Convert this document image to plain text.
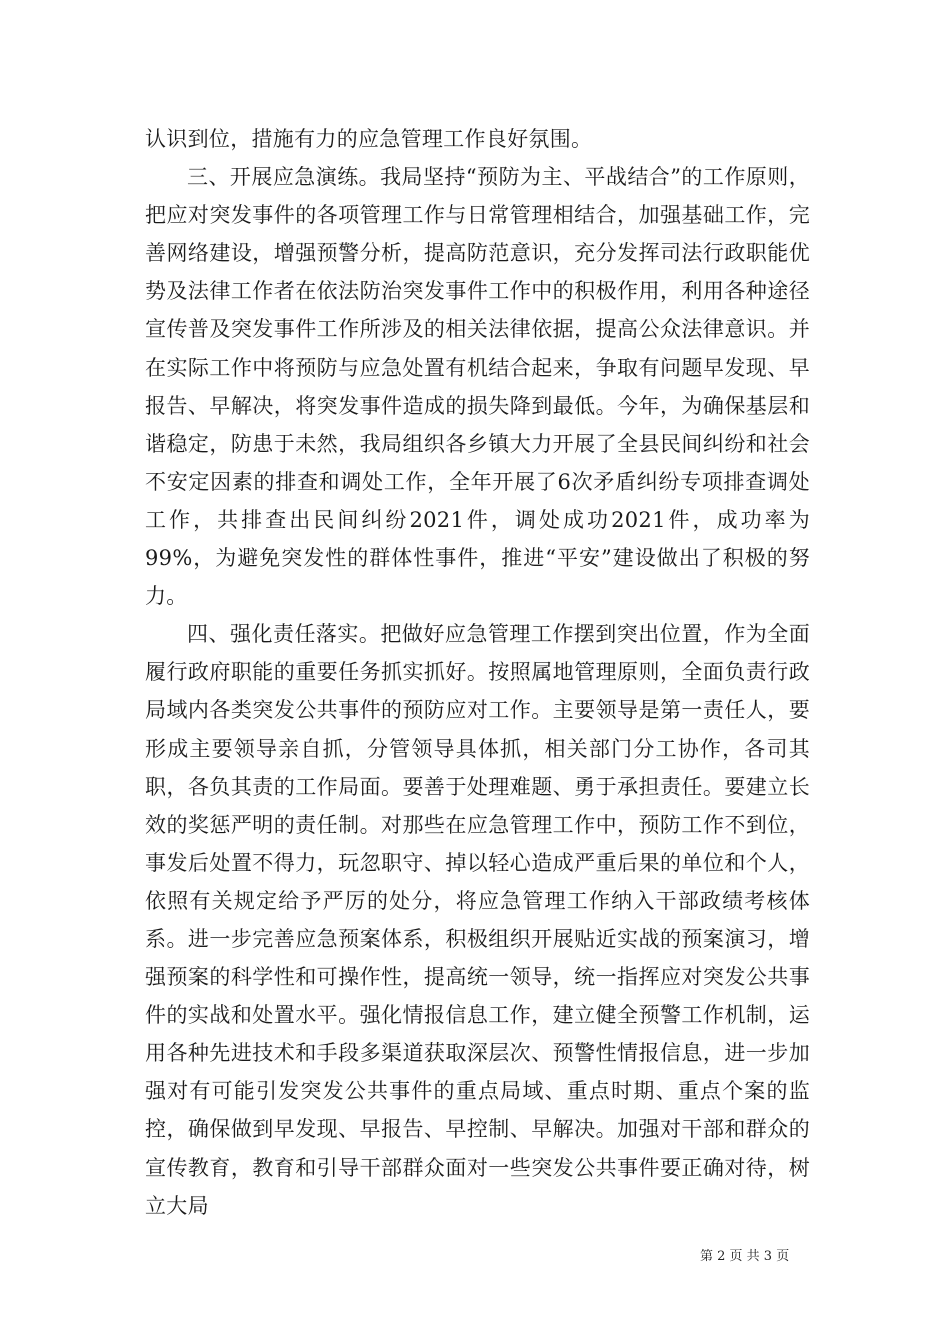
认识到位，措施有力的应急管理工作良好氛围。

三、开展应急演练。我局坚持“预防为主、平战结合”的工作原则，把应对突发事件的各项管理工作与日常管理相结合，加强基础工作，完善网络建设，增强预警分析，提高防范意识，充分发挥司法行政职能优势及法律工作者在依法防治突发事件工作中的积极作用，利用各种途径宣传普及突发事件工作所涉及的相关法律依据，提高公众法律意识。并在实际工作中将预防与应急处置有机结合起来，争取有问题早发现、早报告、早解决，将突发事件造成的损失降到最低。今年，为确保基层和谐稳定，防患于未然，我局组织各乡镇大力开展了全县民间纠纷和社会不安定因素的排查和调处工作，全年开展了6次矛盾纠纷专项排查调处工作，共排查出民间纠纷2021件，调处成功2021件，成功率为99%，为避免突发性的群体性事件，推进“平安”建设做出了积极的努力。

四、强化责任落实。把做好应急管理工作摆到突出位置，作为全面履行政府职能的重要任务抓实抓好。按照属地管理原则，全面负责行政局域内各类突发公共事件的预防应对工作。主要领导是第一责任人，要形成主要领导亲自抓，分管领导具体抓，相关部门分工协作，各司其职，各负其责的工作局面。要善于处理难题、勇于承担责任。要建立长效的奖惩严明的责任制。对那些在应急管理工作中，预防工作不到位，事发后处置不得力，玩忽职守、掉以轻心造成严重后果的单位和个人，依照有关规定给予严厉的处分，将应急管理工作纳入干部政绩考核体系。进一步完善应急预案体系，积极组织开展贴近实战的预案演习，增强预案的科学性和可操作性，提高统一领导，统一指挥应对突发公共事件的实战和处置水平。强化情报信息工作，建立健全预警工作机制，运用各种先进技术和手段多渠道获取深层次、预警性情报信息，进一步加强对有可能引发突发公共事件的重点局域、重点时期、重点个案的监控，确保做到早发现、早报告、早控制、早解决。加强对干部和群众的宣传教育，教育和引导干部群众面对一些突发公共事件要正确对待，树立大局

第 2 页 共 3 页
